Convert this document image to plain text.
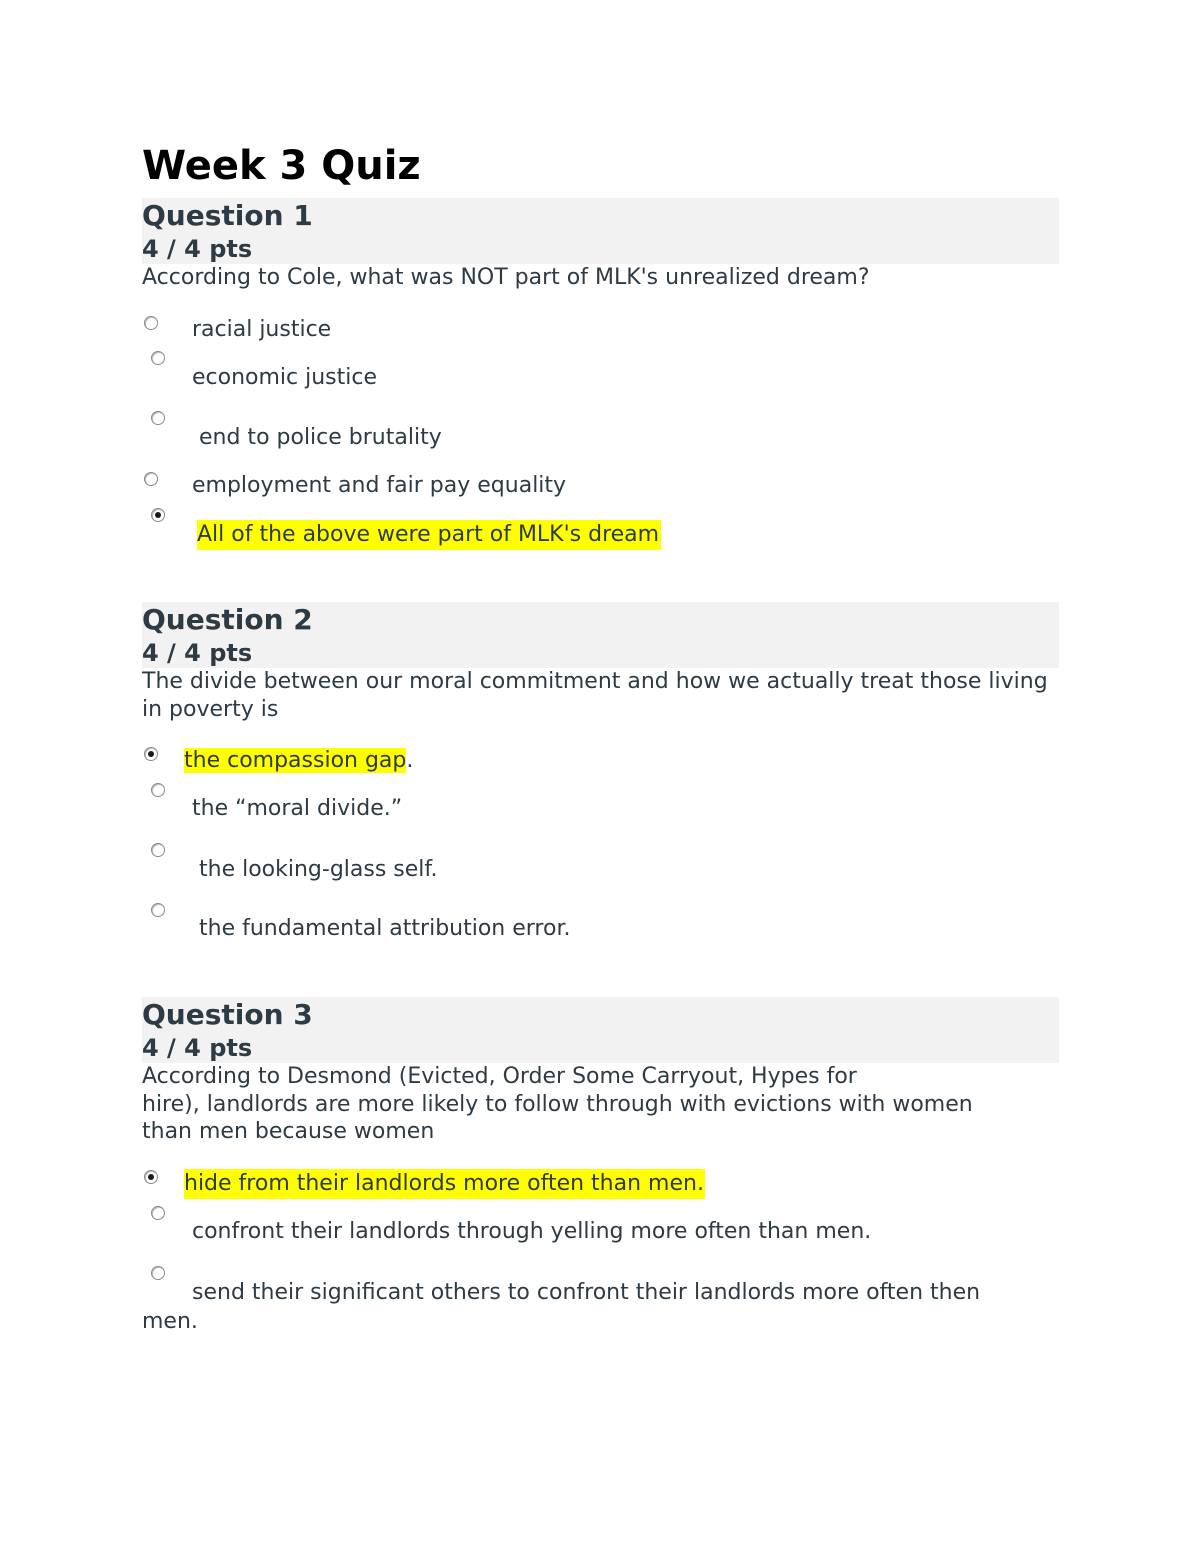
Week 3 Quiz
Question 1
4 / 4 pts
According to Cole, what was NOT part of MLK's unrealized dream?
racial justice
economic justice
end to police brutality
employment and fair pay equality
All of the above were part of MLK's dream
Question 2
4 / 4 pts
The divide between our moral commitment and how we actually treat those living in poverty is
the compassion gap.
the “moral divide.”
the looking-glass self.
the fundamental attribution error.
Question 3
4 / 4 pts
According to Desmond (Evicted, Order Some Carryout, Hypes for
hire), landlords are more likely to follow through with evictions with women
than men because women
hide from their landlords more often than men.
confront their landlords through yelling more often than men.
send their significant others to confront their landlords more often then men.
